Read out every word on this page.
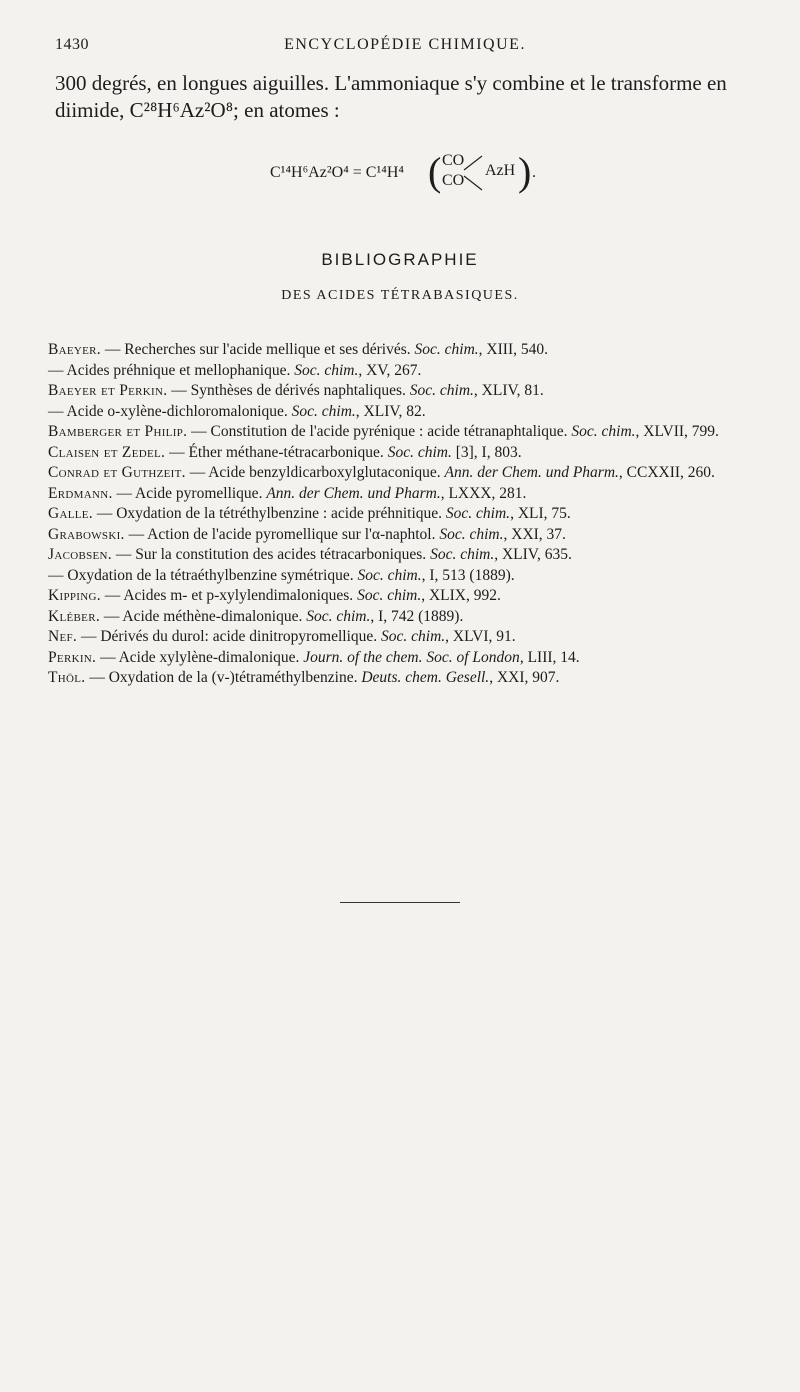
1430	ENCYCLOPÉDIE CHIMIQUE.
300 degrés, en longues aiguilles. L'ammoniaque s'y combine et le transforme en diimide, C²⁸H⁶Az²O⁸; en atomes :
C¹⁴H⁶Az²O⁴ = C¹⁴H⁴ ( CO
CO
AzH ) .
BIBLIOGRAPHIE
DES ACIDES TÉTRABASIQUES.
Baeyer. — Recherches sur l'acide mellique et ses dérivés. Soc. chim., XIII, 540.
— Acides préhnique et mellophanique. Soc. chim., XV, 267.
Baeyer et Perkin. — Synthèses de dérivés naphtaliques. Soc. chim., XLIV, 81.
— Acide o-xylène-dichloromalonique. Soc. chim., XLIV, 82.
Bamberger et Philip. — Constitution de l'acide pyrénique : acide tétranaphtalique. Soc. chim., XLVII, 799.
Claisen et Zedel. — Éther méthane-tétracarbonique. Soc. chim. [3], I, 803.
Conrad et Guthzeit. — Acide benzyldicarboxylglutaconique. Ann. der Chem. und Pharm., CCXXII, 260.
Erdmann. — Acide pyromellique. Ann. der Chem. und Pharm., LXXX, 281.
Galle. — Oxydation de la tétréthylbenzine : acide préhnitique. Soc. chim., XLI, 75.
Grabowski. — Action de l'acide pyromellique sur l'α-naphtol. Soc. chim., XXI, 37.
Jacobsen. — Sur la constitution des acides tétracarboniques. Soc. chim., XLIV, 635.
— Oxydation de la tétraéthylbenzine symétrique. Soc. chim., I, 513 (1889).
Kipping. — Acides m- et p-xylylendimaloniques. Soc. chim., XLIX, 992.
Kléber. — Acide méthène-dimalonique. Soc. chim., I, 742 (1889).
Nef. — Dérivés du durol: acide dinitropyromellique. Soc. chim., XLVI, 91.
Perkin. — Acide xylylène-dimalonique. Journ. of the chem. Soc. of London, LIII, 14.
Thöl. — Oxydation de la (v-)tétraméthylbenzine. Deuts. chem. Gesell., XXI, 907.
